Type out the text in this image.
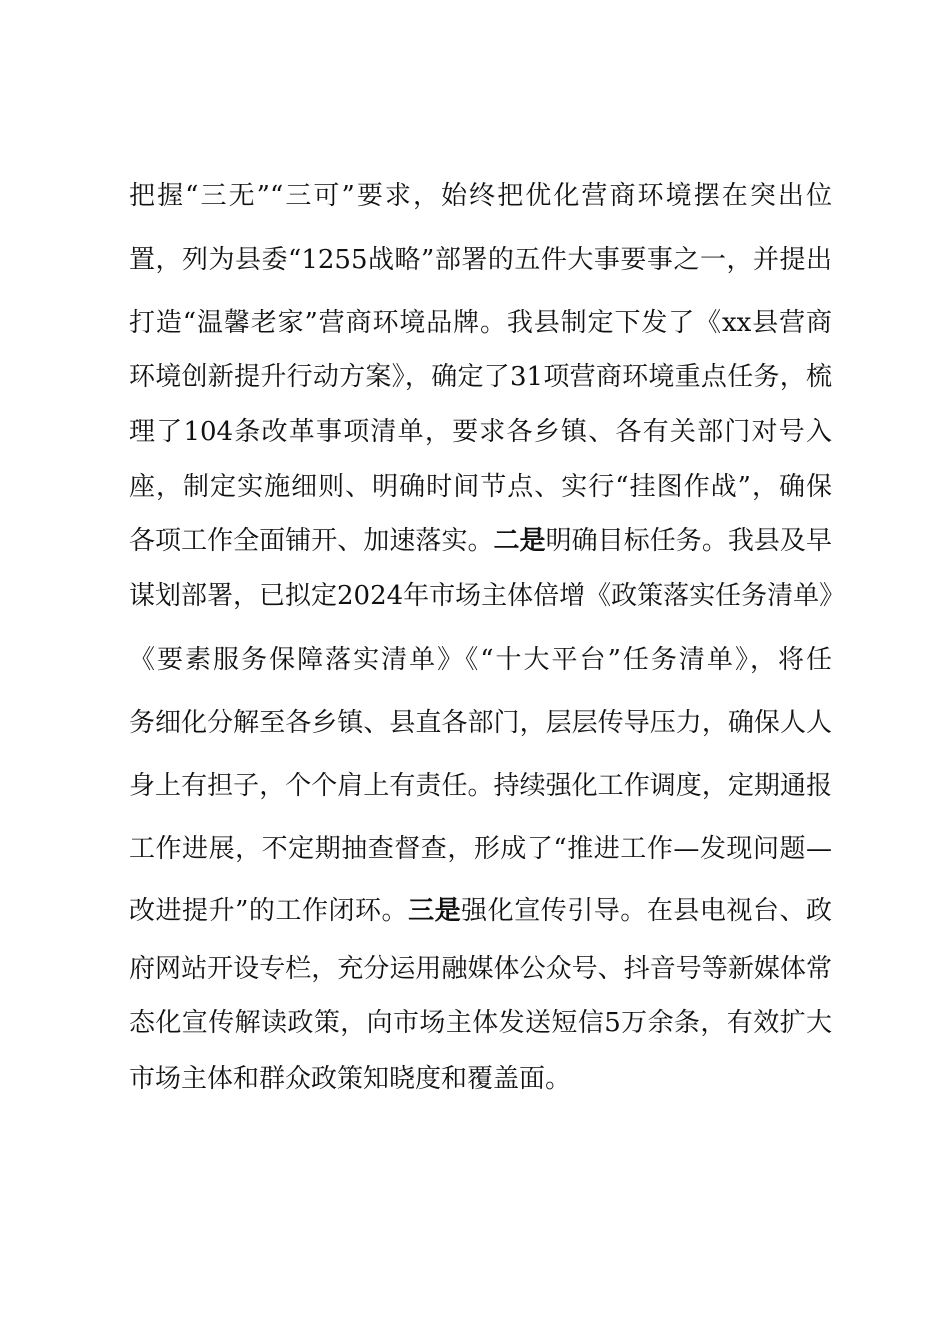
把握“三无”“三可”要求，始终把优化营商环境摆在突出位
置，列为县委“1255战略”部署的五件大事要事之一，并提出
打造“温馨老家”营商环境品牌。我县制定下发了《xx县营商
环境创新提升行动方案》，确定了31项营商环境重点任务，梳
理了104条改革事项清单，要求各乡镇、各有关部门对号入
座，制定实施细则、明确时间节点、实行“挂图作战”，确保
各项工作全面铺开、加速落实。二是明确目标任务。我县及早
谋划部署，已拟定2024年市场主体倍增《政策落实任务清单》
《要素服务保障落实清单》《“十大平台”任务清单》，将任
务细化分解至各乡镇、县直各部门，层层传导压力，确保人人
身上有担子，个个肩上有责任。持续强化工作调度，定期通报
工作进展，不定期抽查督查，形成了“推进工作—发现问题—
改进提升”的工作闭环。三是强化宣传引导。在县电视台、政
府网站开设专栏，充分运用融媒体公众号、抖音号等新媒体常
态化宣传解读政策，向市场主体发送短信5万余条，有效扩大
市场主体和群众政策知晓度和覆盖面。
